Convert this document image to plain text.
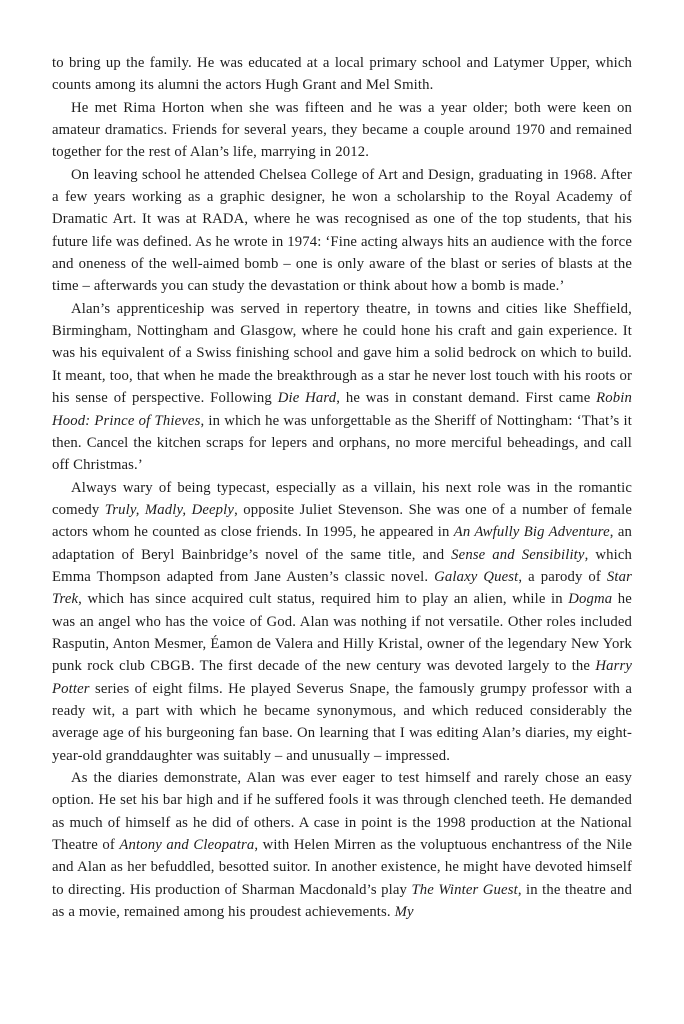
to bring up the family. He was educated at a local primary school and Latymer Upper, which counts among its alumni the actors Hugh Grant and Mel Smith.

He met Rima Horton when she was fifteen and he was a year older; both were keen on amateur dramatics. Friends for several years, they became a couple around 1970 and remained together for the rest of Alan’s life, marrying in 2012.

On leaving school he attended Chelsea College of Art and Design, graduating in 1968. After a few years working as a graphic designer, he won a scholarship to the Royal Academy of Dramatic Art. It was at RADA, where he was recognised as one of the top students, that his future life was defined. As he wrote in 1974: ‘Fine acting always hits an audience with the force and oneness of the well-aimed bomb – one is only aware of the blast or series of blasts at the time – afterwards you can study the devastation or think about how a bomb is made.’

Alan’s apprenticeship was served in repertory theatre, in towns and cities like Sheffield, Birmingham, Nottingham and Glasgow, where he could hone his craft and gain experience. It was his equivalent of a Swiss finishing school and gave him a solid bedrock on which to build. It meant, too, that when he made the breakthrough as a star he never lost touch with his roots or his sense of perspective. Following Die Hard, he was in constant demand. First came Robin Hood: Prince of Thieves, in which he was unforgettable as the Sheriff of Nottingham: ‘That’s it then. Cancel the kitchen scraps for lepers and orphans, no more merciful beheadings, and call off Christmas.’

Always wary of being typecast, especially as a villain, his next role was in the romantic comedy Truly, Madly, Deeply, opposite Juliet Stevenson. She was one of a number of female actors whom he counted as close friends. In 1995, he appeared in An Awfully Big Adventure, an adaptation of Beryl Bainbridge’s novel of the same title, and Sense and Sensibility, which Emma Thompson adapted from Jane Austen’s classic novel. Galaxy Quest, a parody of Star Trek, which has since acquired cult status, required him to play an alien, while in Dogma he was an angel who has the voice of God. Alan was nothing if not versatile. Other roles included Rasputin, Anton Mesmer, Éamon de Valera and Hilly Kristal, owner of the legendary New York punk rock club CBGB. The first decade of the new century was devoted largely to the Harry Potter series of eight films. He played Severus Snape, the famously grumpy professor with a ready wit, a part with which he became synonymous, and which reduced considerably the average age of his burgeoning fan base. On learning that I was editing Alan’s diaries, my eight-year-old granddaughter was suitably – and unusually – impressed.

As the diaries demonstrate, Alan was ever eager to test himself and rarely chose an easy option. He set his bar high and if he suffered fools it was through clenched teeth. He demanded as much of himself as he did of others. A case in point is the 1998 production at the National Theatre of Antony and Cleopatra, with Helen Mirren as the voluptuous enchantress of the Nile and Alan as her befuddled, besotted suitor. In another existence, he might have devoted himself to directing. His production of Sharman Macdonald’s play The Winter Guest, in the theatre and as a movie, remained among his proudest achievements. My
